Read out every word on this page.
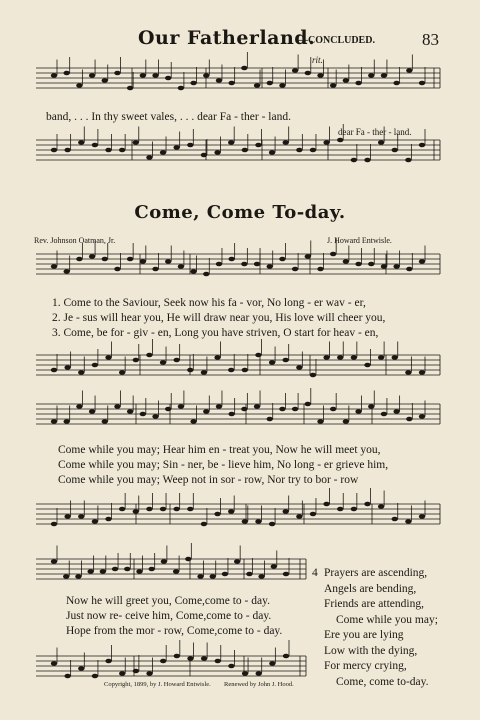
Our Fatherland.
—CONCLUDED.	83
rit.
band, . . . In thy sweet vales, . . . dear Fa - ther - land.
dear Fa - ther - land.
Come, Come To-day.
Rev. Johnson Oatman, Jr.	J. Howard Entwisle.
1. Come to the Saviour, Seek now his fa - vor, No long - er wav - er,
2. Je - sus will hear you, He will draw near you, His love will cheer you,
3. Come, be for - giv - en, Long you have striven, O start for heav - en,
Come while you may; Hear him en - treat you, Now he will meet you,
Come while you may; Sin - ner, be - lieve him, No long - er grieve him,
Come while you may; Weep not in sor - row, Nor try to bor - row
Now he will greet you, Come,come to - day.
Just now re- ceive him, Come,come to - day.
Hope from the mor - row, Come,come to - day.
4 Prayers are ascending,
Angels are bending,
Friends are attending,
Come while you may;
Ere you are lying
Low with the dying,
For mercy crying,
Come, come to-day.
Copyright, 1899, by J. Howard Entwisle. Renewed by John J. Hood.
